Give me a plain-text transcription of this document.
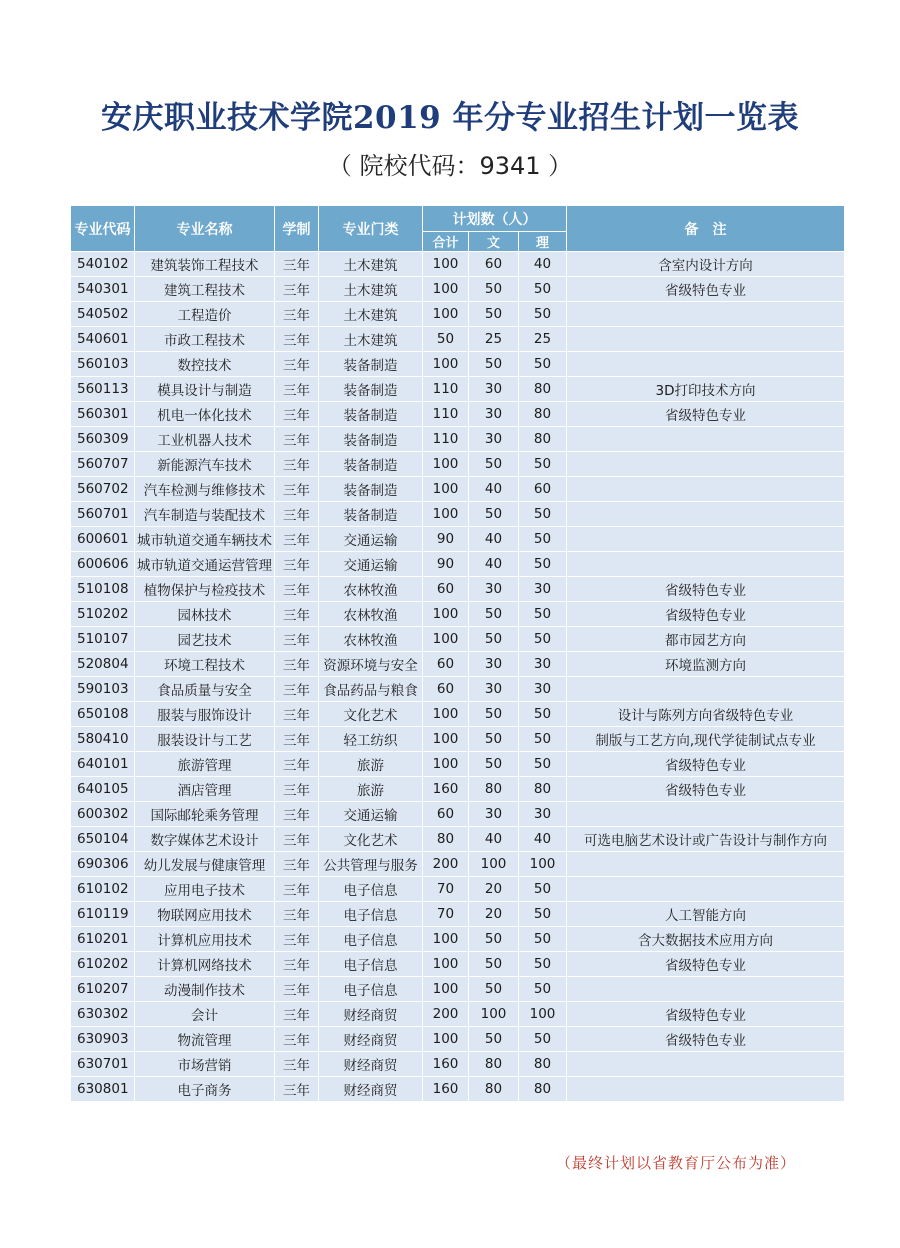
安庆职业技术学院2019 年分专业招生计划一览表
（ 院校代码：9341 ）
专业代码	专业名称	学制	专业门类	计划数（人）			备　注
				合计	文	理	
540102	建筑装饰工程技术	三年	土木建筑	100	60	40	含室内设计方向
540301	建筑工程技术	三年	土木建筑	100	50	50	省级特色专业
540502	工程造价	三年	土木建筑	100	50	50	
540601	市政工程技术	三年	土木建筑	50	25	25	
560103	数控技术	三年	装备制造	100	50	50	
560113	模具设计与制造	三年	装备制造	110	30	80	3D打印技术方向
560301	机电一体化技术	三年	装备制造	110	30	80	省级特色专业
560309	工业机器人技术	三年	装备制造	110	30	80	
560707	新能源汽车技术	三年	装备制造	100	50	50	
560702	汽车检测与维修技术	三年	装备制造	100	40	60	
560701	汽车制造与装配技术	三年	装备制造	100	50	50	
600601	城市轨道交通车辆技术	三年	交通运输	90	40	50	
600606	城市轨道交通运营管理	三年	交通运输	90	40	50	
510108	植物保护与检疫技术	三年	农林牧渔	60	30	30	省级特色专业
510202	园林技术	三年	农林牧渔	100	50	50	省级特色专业
510107	园艺技术	三年	农林牧渔	100	50	50	都市园艺方向
520804	环境工程技术	三年	资源环境与安全	60	30	30	环境监测方向
590103	食品质量与安全	三年	食品药品与粮食	60	30	30	
650108	服装与服饰设计	三年	文化艺术	100	50	50	设计与陈列方向省级特色专业
580410	服装设计与工艺	三年	轻工纺织	100	50	50	制版与工艺方向,现代学徒制试点专业
640101	旅游管理	三年	旅游	100	50	50	省级特色专业
640105	酒店管理	三年	旅游	160	80	80	省级特色专业
600302	国际邮轮乘务管理	三年	交通运输	60	30	30	
650104	数字媒体艺术设计	三年	文化艺术	80	40	40	可选电脑艺术设计或广告设计与制作方向
690306	幼儿发展与健康管理	三年	公共管理与服务	200	100	100	
610102	应用电子技术	三年	电子信息	70	20	50	
610119	物联网应用技术	三年	电子信息	70	20	50	人工智能方向
610201	计算机应用技术	三年	电子信息	100	50	50	含大数据技术应用方向
610202	计算机网络技术	三年	电子信息	100	50	50	省级特色专业
610207	动漫制作技术	三年	电子信息	100	50	50	
630302	会计	三年	财经商贸	200	100	100	省级特色专业
630903	物流管理	三年	财经商贸	100	50	50	省级特色专业
630701	市场营销	三年	财经商贸	160	80	80	
630801	电子商务	三年	财经商贸	160	80	80	
（最终计划以省教育厅公布为准）
